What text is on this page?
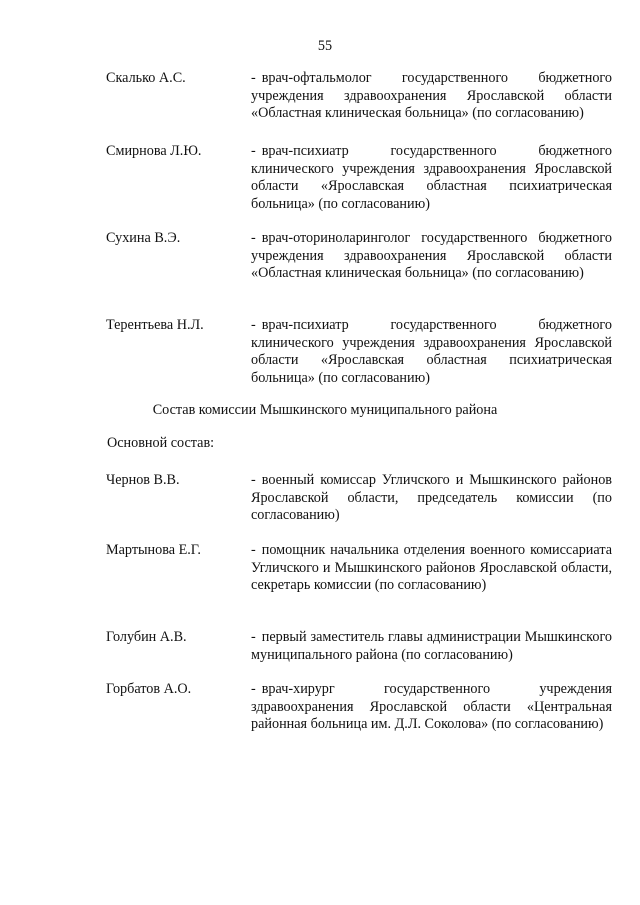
55
Скалько А.С.	- врач-офтальмолог государственного бюджетного учреждения здравоохранения Ярославской области «Областная клиническая больница» (по согласованию)
Смирнова Л.Ю.	- врач-психиатр государственного бюджетного клинического учреждения здравоохранения Ярославской области «Ярославская областная психиатрическая больница» (по согласованию)
Сухина В.Э.	- врач-оториноларинголог государственного бюджетного учреждения здравоохранения Ярославской области «Областная клиническая больница» (по согласованию)
Терентьева Н.Л.	- врач-психиатр государственного бюджетного клинического учреждения здравоохранения Ярославской области «Ярославская областная психиатрическая больница» (по согласованию)
Состав комиссии Мышкинского муниципального района
Основной состав:
Чернов В.В.	- военный комиссар Угличского и Мышкинского районов Ярославской области, председатель комиссии (по согласованию)
Мартынова Е.Г.	- помощник начальника отделения военного комиссариата Угличского и Мышкинского районов Ярославской области, секретарь комиссии (по согласованию)
Голубин А.В.	- первый заместитель главы администрации Мышкинского муниципального района (по согласованию)
Горбатов А.О.	- врач-хирург государственного учреждения здравоохранения Ярославской области «Центральная районная больница им. Д.Л. Соколова» (по согласованию)
